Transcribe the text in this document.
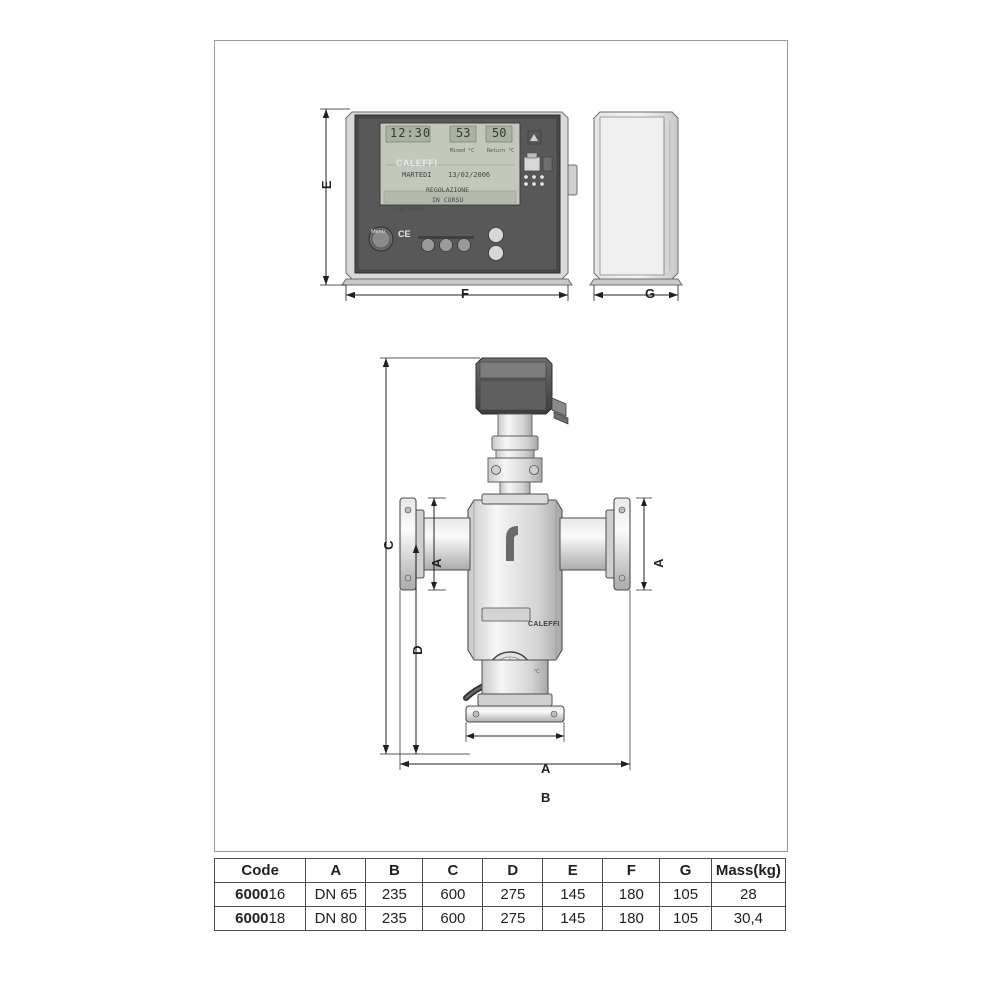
12:30 53 50
Mixed °C	Return °C
MARTEDI 13/02/2006
REGOLAZIONE
IN CORSO
LEGIOMIX
CALEFFI
CE
Menu
E
F	G
CALEFFI
°C
C
D
A	A
A
B
Code	A	B	C	D	E	F	G	Mass(kg)
600016	DN 65	235	600	275	145	180	105	28
600018	DN 80	235	600	275	145	180	105	30,4
